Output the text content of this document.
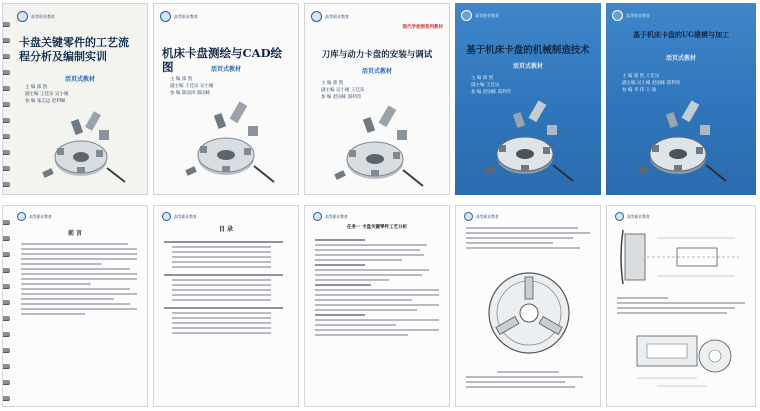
高等职业教育
卡盘关键零件的工艺流程分析及编制实训
活页式教材
主 编 邵 凯
副主编 王佳乐 吴小刚
参 编 张志远 赵利佩
高等职业教育
机床卡盘测绘与CAD绘图	活页式教材
主 编 邵 凯
副主编 王佳乐 吴小刚
参 编 陈国涛 邵国栋
高等职业教育
现代学徒制系列教材
刀库与动力卡盘的安装与调试
活页式教材
主 编 邵 凯
副主编 吴小刚 王佳乐
参 编 赵国栋 邵利奇
高等职业教育
基于机床卡盘的机械制造技术
活页式教材
主 编 邵 凯
副主编 王佳乐
参 编 赵国栋 邵利奇
高等职业教育
基于机床卡盘的UG建模与加工
活页式教材
主 编 邵 凯 王佳乐
副主编 吴小刚 赵国栋 邵利奇
参 编 李 伟 王 迪
高等职业教育
前 言
高等职业教育
目 录
高等职业教育
任务一 卡盘关键零件工艺分析
高等职业教育	高等职业教育
